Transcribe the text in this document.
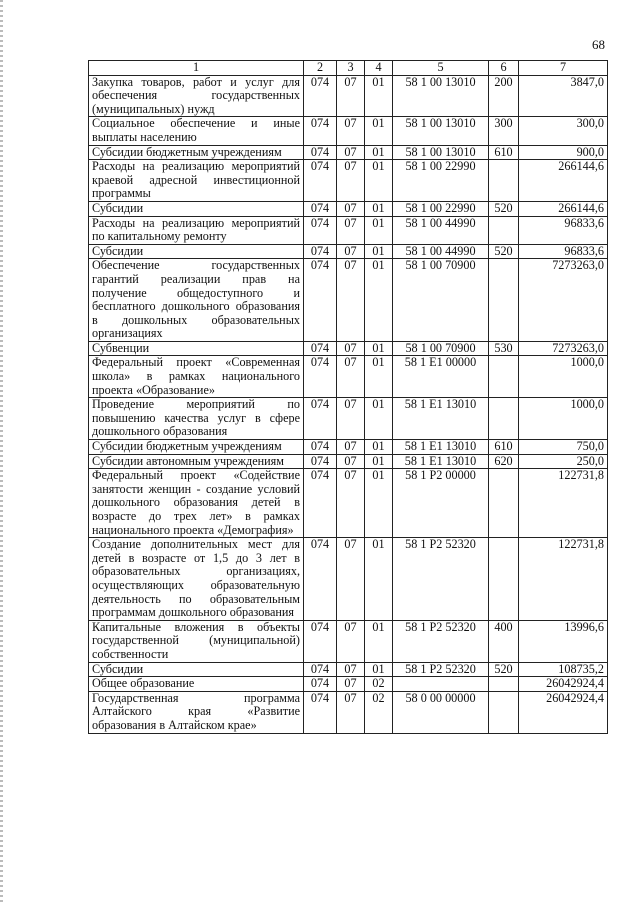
68
1	2	3	4	5	6	7
Закупка товаров, работ и услуг для обеспечения государственных (муниципальных) нужд	074	07	01	58 1 00 13010	200	3847,0
Социальное обеспечение и иные выплаты населению	074	07	01	58 1 00 13010	300	300,0
Субсидии бюджетным учреждениям	074	07	01	58 1 00 13010	610	900,0
Расходы на реализацию мероприятий краевой адресной инвестиционной программы	074	07	01	58 1 00 22990		266144,6
Субсидии	074	07	01	58 1 00 22990	520	266144,6
Расходы на реализацию мероприятий по капитальному ремонту	074	07	01	58 1 00 44990		96833,6
Субсидии	074	07	01	58 1 00 44990	520	96833,6
Обеспечение государственных гарантий реализации прав на получение общедоступного и бесплатного дошкольного образования в дошкольных образовательных организациях	074	07	01	58 1 00 70900		7273263,0
Субвенции	074	07	01	58 1 00 70900	530	7273263,0
Федеральный проект «Современная школа» в рамках национального проекта «Образование»	074	07	01	58 1 E1 00000		1000,0
Проведение мероприятий по повышению качества услуг в сфере дошкольного образования	074	07	01	58 1 E1 13010		1000,0
Субсидии бюджетным учреждениям	074	07	01	58 1 E1 13010	610	750,0
Субсидии автономным учреждениям	074	07	01	58 1 E1 13010	620	250,0
Федеральный проект «Содействие занятости женщин - создание условий дошкольного образования детей в возрасте до трех лет» в рамках национального проекта «Демография»	074	07	01	58 1 P2 00000		122731,8
Создание дополнительных мест для детей в возрасте от 1,5 до 3 лет в образовательных организациях, осуществляющих образовательную деятельность по образовательным программам дошкольного образования	074	07	01	58 1 P2 52320		122731,8
Капитальные вложения в объекты государственной (муниципальной) собственности	074	07	01	58 1 P2 52320	400	13996,6
Субсидии	074	07	01	58 1 P2 52320	520	108735,2
Общее образование	074	07	02			26042924,4
Государственная программа Алтайского края «Развитие образования в Алтайском крае»	074	07	02	58 0 00 00000		26042924,4
